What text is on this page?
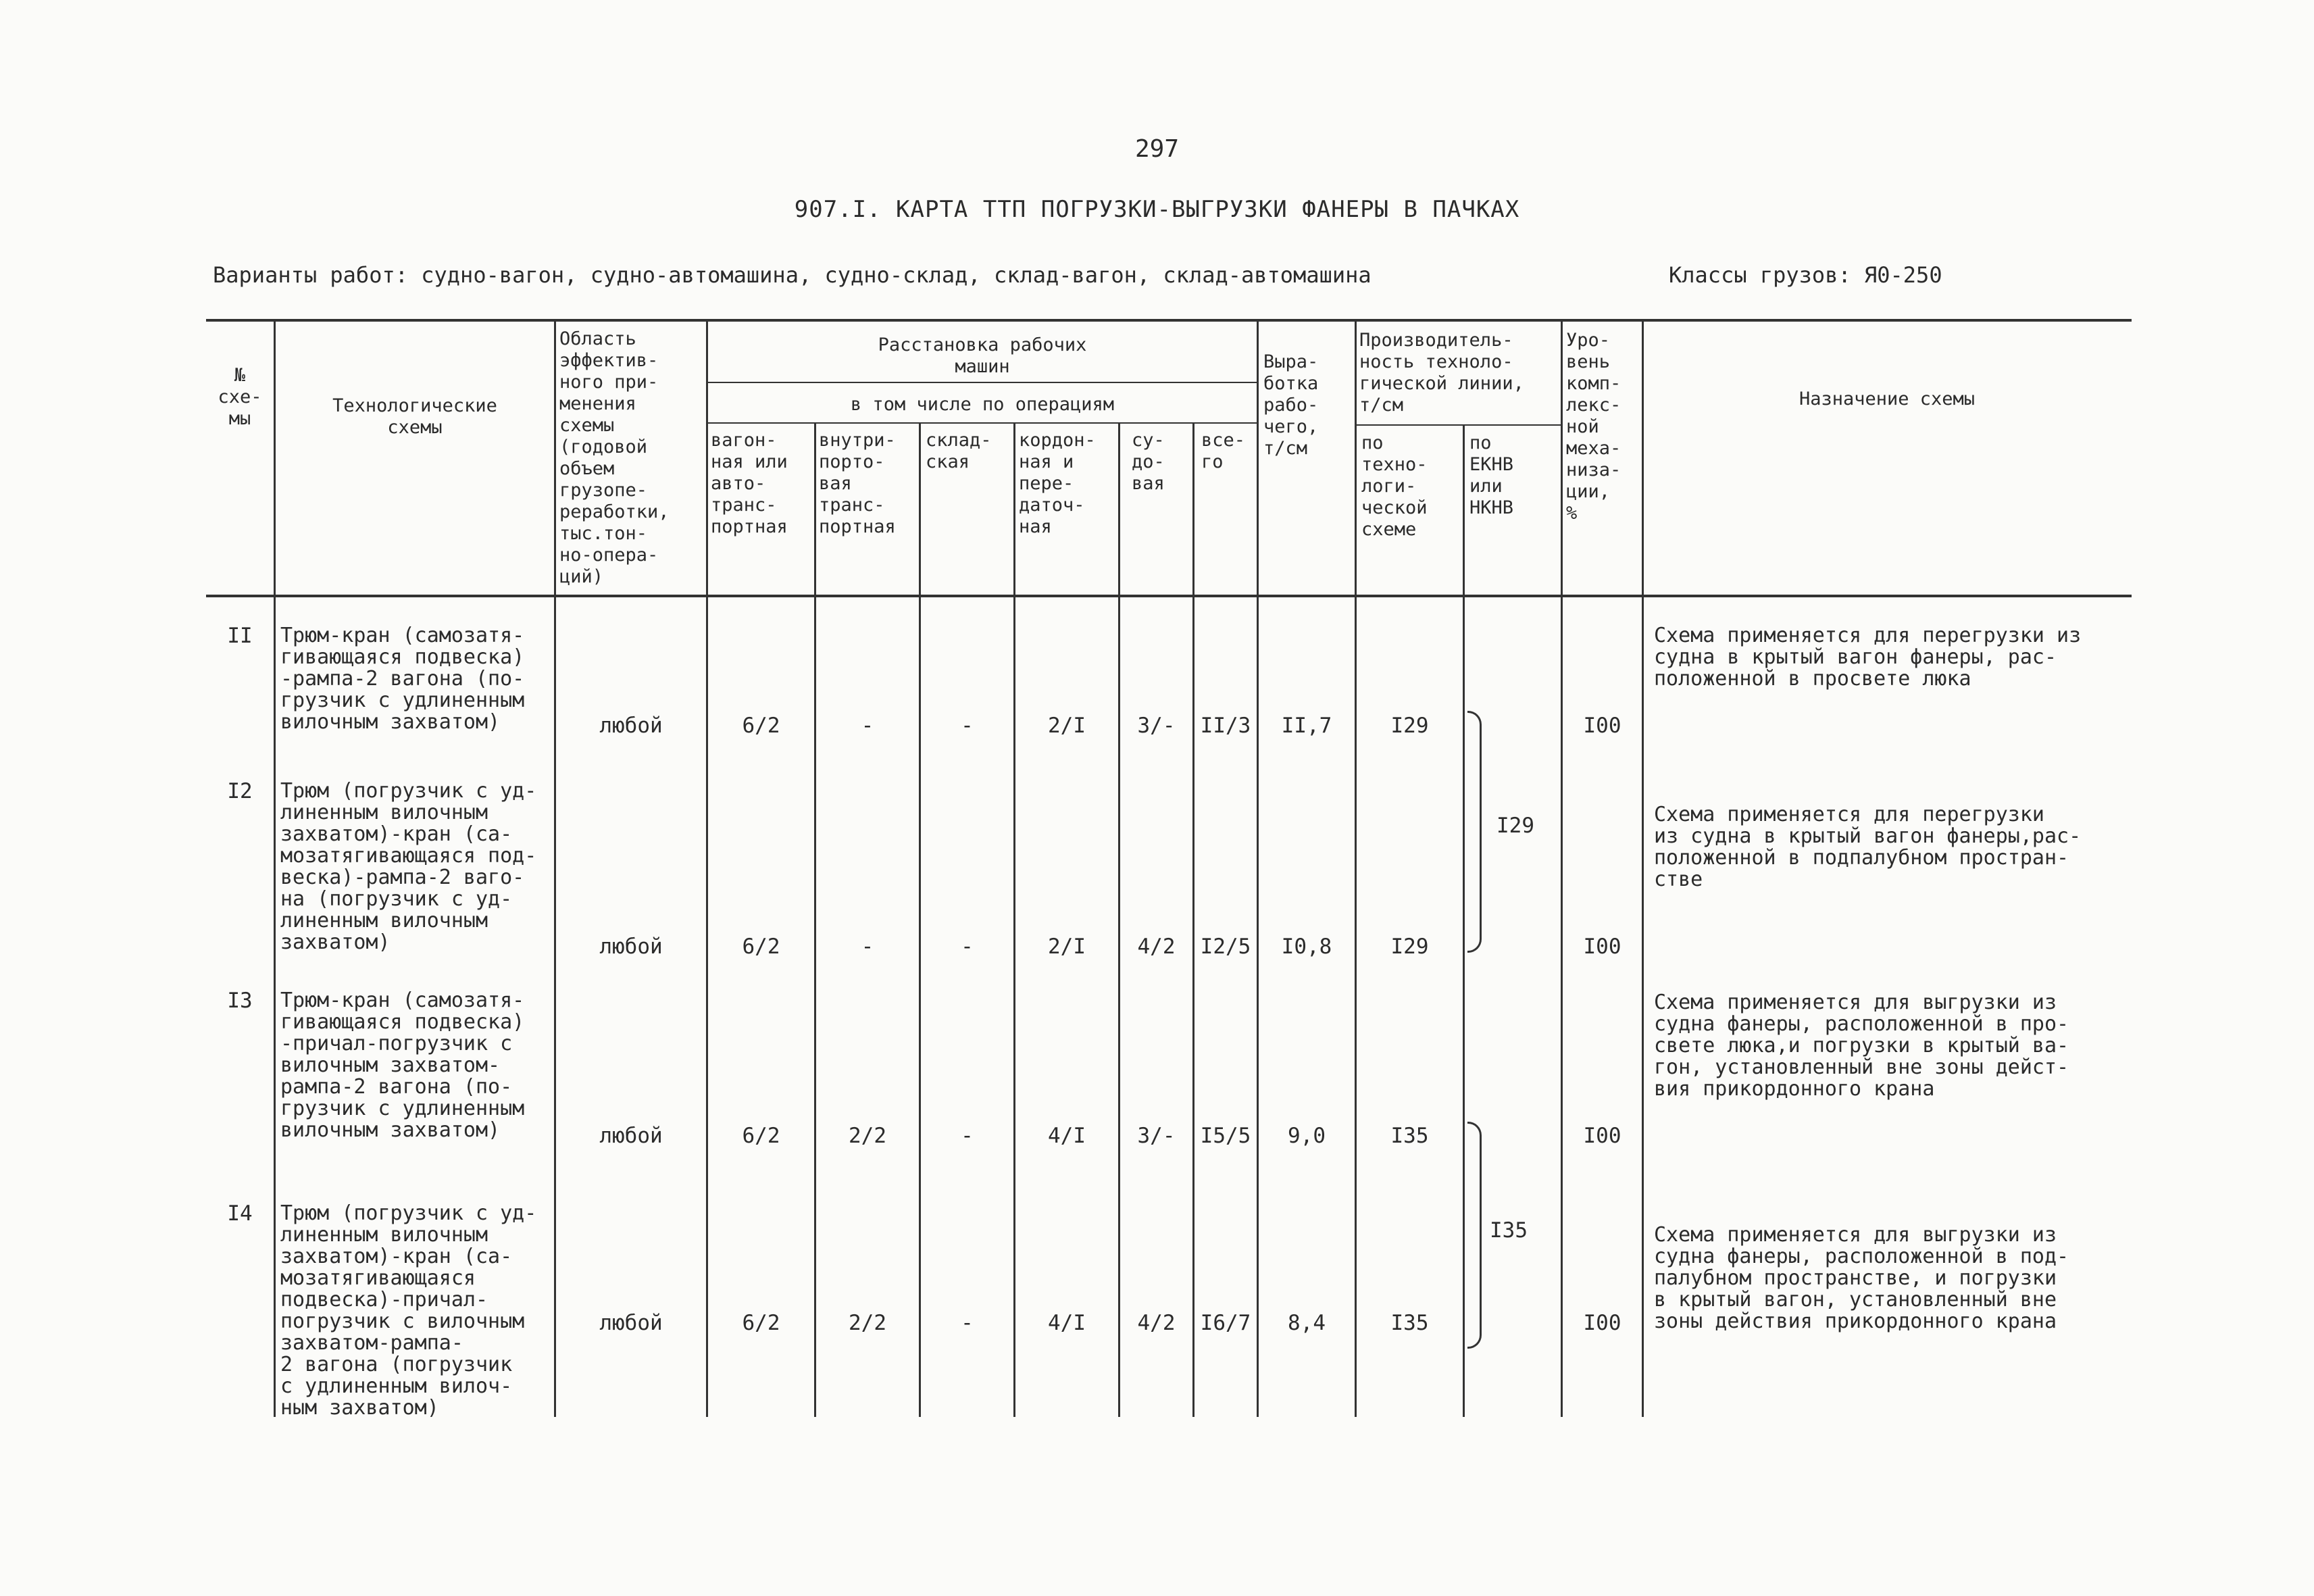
297
907.I. КАРТА ТТП ПОГРУЗКИ-ВЫГРУЗКИ ФАНЕРЫ В ПАЧКАХ
Варианты работ: судно-вагон, судно-автомашина, судно-склад, склад-вагон, склад-автомашина	Классы грузов: Я0-250
№
схе-
мы
Технологические
схемы
Область
эффектив-
ного при-
менения
схемы
(годовой
объем
грузопе-
реработки,
тыс.тон-
но-опера-
ций)
Расстановка рабочих
машин
в том числе по операциям
вагон-
ная или
авто-
транс-
портная
внутри-
порто-
вая
транс-
портная
склад-
ская
кордон-
ная и
пере-
даточ-
ная
су-
до-
вая
все-
го
Выра-
ботка
рабо-
чего,
т/см
Производитель-
ность техноло-
гической линии,
т/см
по
техно-
логи-
ческой
схеме
по
ЕКНВ
или
НКНВ
Уро-
вень
комп-
лекс-
ной
меха-
низа-
ции,
%
Назначение схемы
II	Трюм-кран (самозатя-
гивающаяся подвеска)
-рампа-2 вагона (по-
грузчик с удлиненным
вилочным захватом)	любой	6/2	-	-	2/I	3/-	II/3	II,7	I29	I00
Схема применяется для перегрузки из
судна в крытый вагон фанеры, рас-
положенной в просвете люка
I2	Трюм (погрузчик с уд-
линенным вилочным
захватом)-кран (са-
мозатягивающаяся под-
веска)-рампа-2 ваго-
на (погрузчик с уд-
линенным вилочным
захватом)	любой	6/2	-	-	2/I	4/2	I2/5	I0,8	I29	I00
Схема применяется для перегрузки
из судна в крытый вагон фанеры,рас-
положенной в подпалубном простран-
стве
I29
I3	Трюм-кран (самозатя-
гивающаяся подвеска)
-причал-погрузчик с
вилочным захватом-
рампа-2 вагона (по-
грузчик с удлиненным
вилочным захватом)	любой	6/2	2/2	-	4/I	3/-	I5/5	9,0	I35	I00
Схема применяется для выгрузки из
судна фанеры, расположенной в про-
свете люка,и погрузки в крытый ва-
гон, установленный вне зоны дейст-
вия прикордонного крана
I4	Трюм (погрузчик с уд-
линенным вилочным
захватом)-кран (са-
мозатягивающаяся
подвеска)-причал-
погрузчик с вилочным
захватом-рампа-
2 вагона (погрузчик
с удлиненным вилоч-
ным захватом)
любой	6/2	2/2	-	4/I	4/2	I6/7	8,4	I35	I00
Схема применяется для выгрузки из
судна фанеры, расположенной в под-
палубном пространстве, и погрузки
в крытый вагон, установленный вне
зоны действия прикордонного крана
I35
